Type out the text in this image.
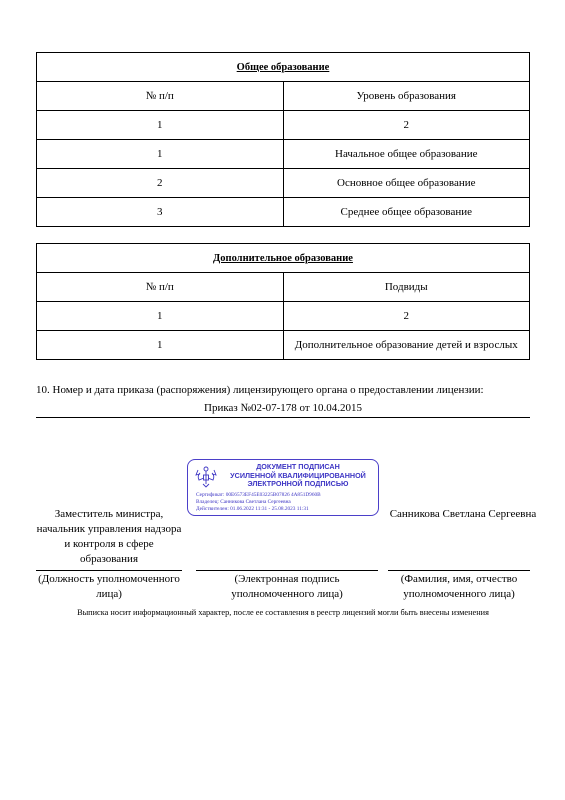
Общее образование	
№ п/п	Уровень образования
1	2
1	Начальное общее образование
2	Основное общее образование
3	Среднее общее образование
Дополнительное образование	
№ п/п	Подвиды
1	2
1	Дополнительное образование детей и взрослых
10. Номер и дата приказа (распоряжения) лицензирующего органа о предоставлении лицензии:
Приказ №02-07-178 от 10.04.2015
ДОКУМЕНТ ПОДПИСАН
УСИЛЕННОЙ КВАЛИФИЦИРОВАННОЙ
ЭЛЕКТРОННОЙ ПОДПИСЬЮ
Сертификат: 00E6573EF45E03225B07826 4A851D960B
Владелец: Санникова Светлана Сергеевна
Действителен: 01.06.2022 11:31 - 25.08.2023 11:31
Заместитель министра, начальник управления надзора и контроля в сфере образования
Санникова Светлана Сергеевна
(Должность уполномоченного лица)
(Электронная подпись уполномоченного лица)
(Фамилия, имя, отчество уполномоченного лица)
Выписка носит информационный характер, после ее составления в реестр лицензий могли быть внесены изменения
